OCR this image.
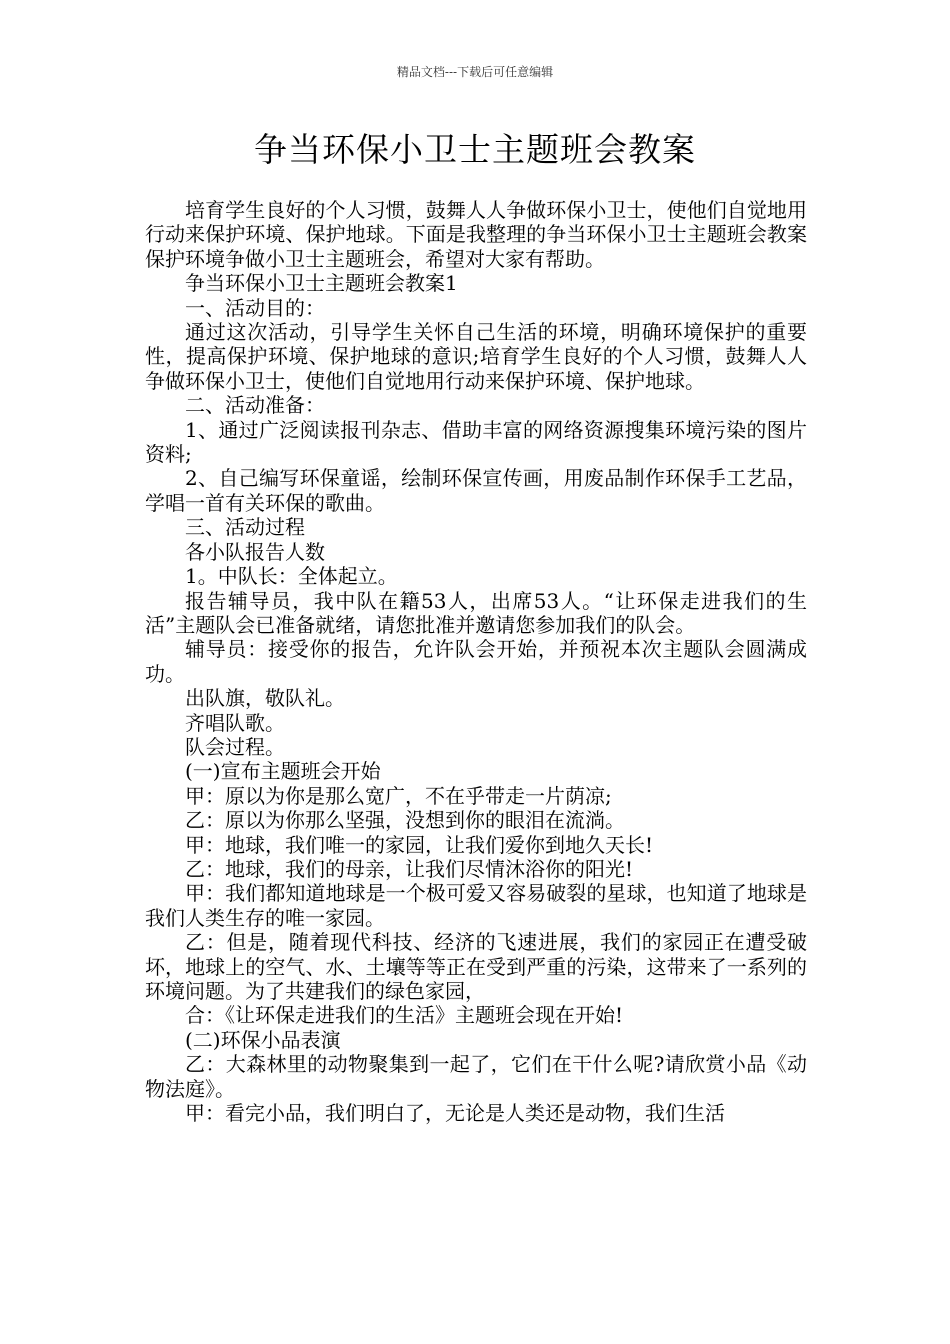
精品文档---下载后可任意编辑
争当环保小卫士主题班会教案

培育学生良好的个人习惯，鼓舞人人争做环保小卫士，使他们自觉地用行动来保护环境、保护地球。下面是我整理的争当环保小卫士主题班会教案 保护环境争做小卫士主题班会，希望对大家有帮助。

争当环保小卫士主题班会教案1

一、活动目的：

通过这次活动，引导学生关怀自己生活的环境，明确环境保护的重要性，提高保护环境、保护地球的意识;培育学生良好的个人习惯，鼓舞人人争做环保小卫士，使他们自觉地用行动来保护环境、保护地球。

二、活动准备：

1、通过广泛阅读报刊杂志、借助丰富的网络资源搜集环境污染的图片资料;

2、自己编写环保童谣，绘制环保宣传画，用废品制作环保手工艺品，学唱一首有关环保的歌曲。

三、活动过程

各小队报告人数

1。中队长：全体起立。

报告辅导员，我中队在籍53人，出席53人。“让环保走进我们的生活”主题队会已准备就绪，请您批准并邀请您参加我们的队会。

辅导员：接受你的报告，允许队会开始，并预祝本次主题队会圆满成功。

出队旗，敬队礼。

齐唱队歌。

队会过程。

(一)宣布主题班会开始

甲：原以为你是那么宽广，不在乎带走一片荫凉;

乙：原以为你那么坚强，没想到你的眼泪在流淌。

甲：地球，我们唯一的家园，让我们爱你到地久天长!

乙：地球，我们的母亲，让我们尽情沐浴你的阳光!

甲：我们都知道地球是一个极可爱又容易破裂的星球，也知道了地球是我们人类生存的唯一家园。

乙：但是，随着现代科技、经济的飞速进展，我们的家园正在遭受破坏，地球上的空气、水、土壤等等正在受到严重的污染，这带来了一系列的环境问题。为了共建我们的绿色家园，

合：《让环保走进我们的生活》主题班会现在开始!

(二)环保小品表演

乙：大森林里的动物聚集到一起了，它们在干什么呢?请欣赏小品《动物法庭》。

甲：看完小品，我们明白了，无论是人类还是动物，我们生活
